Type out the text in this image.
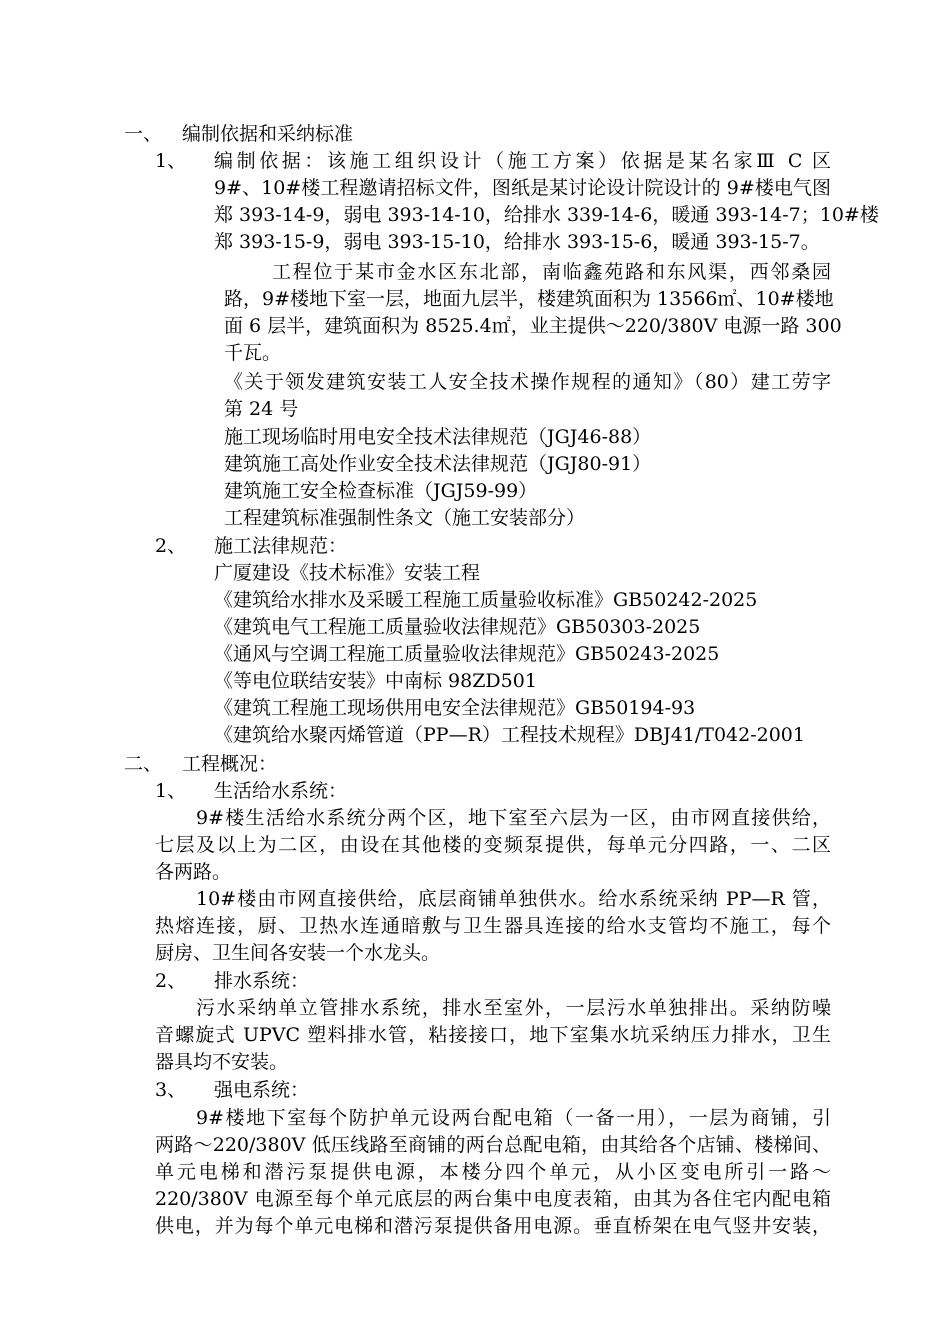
一、 编制依据和采纳标准
1、 编制依据：该施工组织设计（施工方案）依据是某名家Ⅲ C 区
9#、10#楼工程邀请招标文件，图纸是某讨论设计院设计的 9#楼电气图
郑 393-14-9，弱电 393-14-10，给排水 339-14-6，暖通 393-14-7；10#楼
郑 393-15-9，弱电 393-15-10，给排水 393-15-6，暖通 393-15-7。
工程位于某市金水区东北部，南临鑫苑路和东风渠，西邻桑园
路，9#楼地下室一层，地面九层半，楼建筑面积为 13566㎡、10#楼地
面 6 层半，建筑面积为 8525.4㎡，业主提供～220/380V 电源一路 300
千瓦。
《关于领发建筑安装工人安全技术操作规程的通知》（80）建工劳字
第 24 号
施工现场临时用电安全技术法律规范（JGJ46-88）
建筑施工高处作业安全技术法律规范（JGJ80-91）
建筑施工安全检查标准（JGJ59-99）
工程建筑标准强制性条文（施工安装部分）
2、 施工法律规范：
广厦建设《技术标准》安装工程
《建筑给水排水及采暖工程施工质量验收标准》GB50242-2025
《建筑电气工程施工质量验收法律规范》GB50303-2025
《通风与空调工程施工质量验收法律规范》GB50243-2025
《等电位联结安装》中南标 98ZD501
《建筑工程施工现场供用电安全法律规范》GB50194-93
《建筑给水聚丙烯管道（PP—R）工程技术规程》DBJ41/T042-2001
二、 工程概况：
1、 生活给水系统：
9#楼生活给水系统分两个区，地下室至六层为一区，由市网直接供给，
七层及以上为二区，由设在其他楼的变频泵提供，每单元分四路，一、二区
各两路。
10#楼由市网直接供给，底层商铺单独供水。给水系统采纳 PP—R 管，
热熔连接，厨、卫热水连通暗敷与卫生器具连接的给水支管均不施工，每个
厨房、卫生间各安装一个水龙头。
2、 排水系统：
污水采纳单立管排水系统，排水至室外，一层污水单独排出。采纳防噪
音螺旋式 UPVC 塑料排水管，粘接接口，地下室集水坑采纳压力排水，卫生
器具均不安装。
3、 强电系统：
9#楼地下室每个防护单元设两台配电箱（一备一用），一层为商铺，引
两路～220/380V 低压线路至商铺的两台总配电箱，由其给各个店铺、楼梯间、
单元电梯和潜污泵提供电源，本楼分四个单元，从小区变电所引一路～
220/380V 电源至每个单元底层的两台集中电度表箱，由其为各住宅内配电箱
供电，并为每个单元电梯和潜污泵提供备用电源。垂直桥架在电气竖井安装，
